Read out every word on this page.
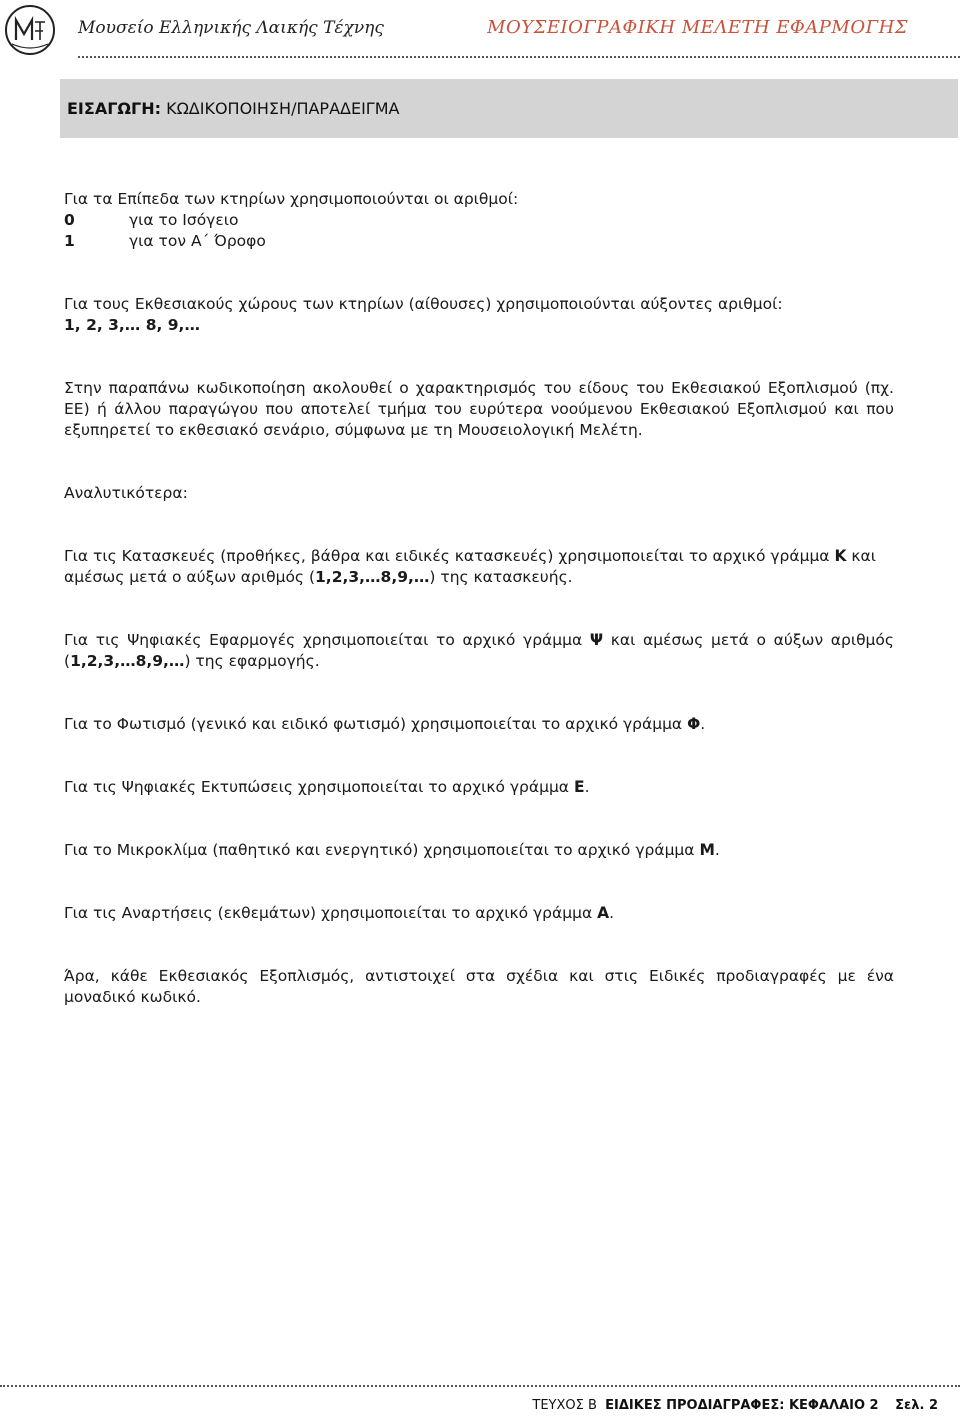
Μουσείο Ελληνικής Λαικής Τέχνης	ΜΟΥΣΕΙΟΓΡΑΦΙΚΗ ΜΕΛΕΤΗ ΕΦΑΡΜΟΓΗΣ
ΕΙΣΑΓΩΓΗ: ΚΩΔΙΚΟΠΟΙΗΣΗ/ΠΑΡΑΔΕΙΓΜΑ

Για τα Επίπεδα των κτηρίων χρησιμοποιούνται οι αριθμοί:

0	για το Ισόγειο
1	για τον Α΄ Όροφο

Για τους Εκθεσιακούς χώρους των κτηρίων (αίθουσες) χρησιμοποιούνται αύξοντες αριθμοί:

1, 2, 3,… 8, 9,…

Στην παραπάνω κωδικοποίηση ακολουθεί ο χαρακτηρισμός του είδους του Εκθεσιακού Εξοπλισμού (πχ. ΕΕ) ή άλλου παραγώγου που αποτελεί τμήμα του ευρύτερα νοούμενου Εκθεσιακού Εξοπλισμού και που εξυπηρετεί το εκθεσιακό σενάριο, σύμφωνα με τη Μουσειολογική Μελέτη.

Αναλυτικότερα:

Για τις Κατασκευές (προθήκες, βάθρα και ειδικές κατασκευές) χρησιμοποιείται το αρχικό γράμμα Κ και αμέσως μετά ο αύξων αριθμός (1,2,3,…8,9,…) της κατασκευής.

Για τις Ψηφιακές Εφαρμογές χρησιμοποιείται το αρχικό γράμμα Ψ και αμέσως μετά ο αύξων αριθμός (1,2,3,…8,9,…) της εφαρμογής.

Για το Φωτισμό (γενικό και ειδικό φωτισμό) χρησιμοποιείται το αρχικό γράμμα Φ.

Για τις Ψηφιακές Εκτυπώσεις χρησιμοποιείται το αρχικό γράμμα Ε.

Για το Μικροκλίμα (παθητικό και ενεργητικό) χρησιμοποιείται το αρχικό γράμμα Μ.

Για τις Αναρτήσεις (εκθεμάτων) χρησιμοποιείται το αρχικό γράμμα Α.

Άρα, κάθε Εκθεσιακός Εξοπλισμός, αντιστοιχεί στα σχέδια και στις Ειδικές προδιαγραφές με ένα μοναδικό κωδικό.

ΤΕΥΧΟΣ Β ΕΙΔΙΚΕΣ ΠΡΟΔΙΑΓΡΑΦΕΣ: ΚΕΦΑΛΑΙΟ 2 Σελ. 2
